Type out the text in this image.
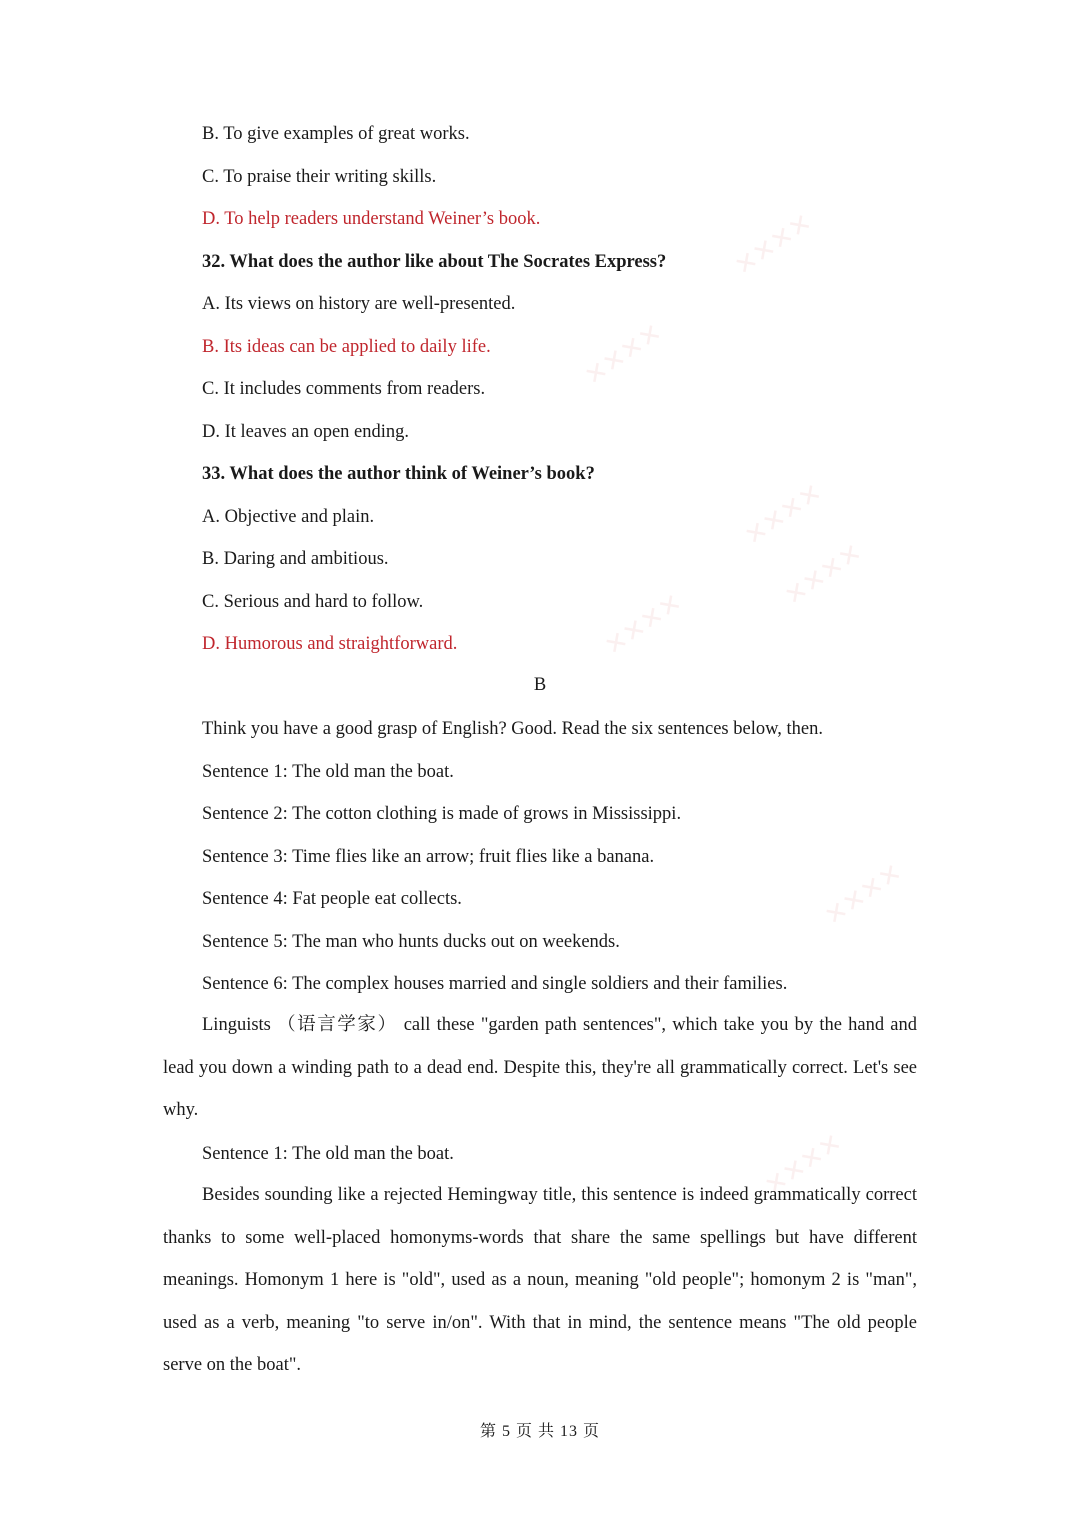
✕✕✕✕
✕✕✕✕
✕✕✕✕
✕✕✕✕
✕✕✕✕
✕✕✕✕
✕✕✕✕
B. To give examples of great works.
C. To praise their writing skills.
D. To help readers understand Weiner’s book.
32. What does the author like about The Socrates Express?
A. Its views on history are well-presented.
B. Its ideas can be applied to daily life.
C. It includes comments from readers.
D. It leaves an open ending.
33. What does the author think of Weiner’s book?
A. Objective and plain.
B. Daring and ambitious.
C. Serious and hard to follow.
D. Humorous and straightforward.
B
Think you have a good grasp of English? Good. Read the six sentences below, then.
Sentence 1: The old man the boat.
Sentence 2: The cotton clothing is made of grows in Mississippi.
Sentence 3: Time flies like an arrow; fruit flies like a banana.
Sentence 4: Fat people eat collects.
Sentence 5: The man who hunts ducks out on weekends.
Sentence 6: The complex houses married and single soldiers and their families.
Linguists （语言学家） call these "garden path sentences", which take you by the hand and lead you down a winding path to a dead end. Despite this, they're all grammatically correct. Let's see why.
Sentence 1: The old man the boat.
Besides sounding like a rejected Hemingway title, this sentence is indeed grammatically correct thanks to some well-placed homonyms-words that share the same spellings but have different meanings. Homonym 1 here is "old", used as a noun, meaning "old people"; homonym 2 is "man", used as a verb, meaning "to serve in/on". With that in mind, the sentence means "The old people serve on the boat".
第 5 页 共 13 页
